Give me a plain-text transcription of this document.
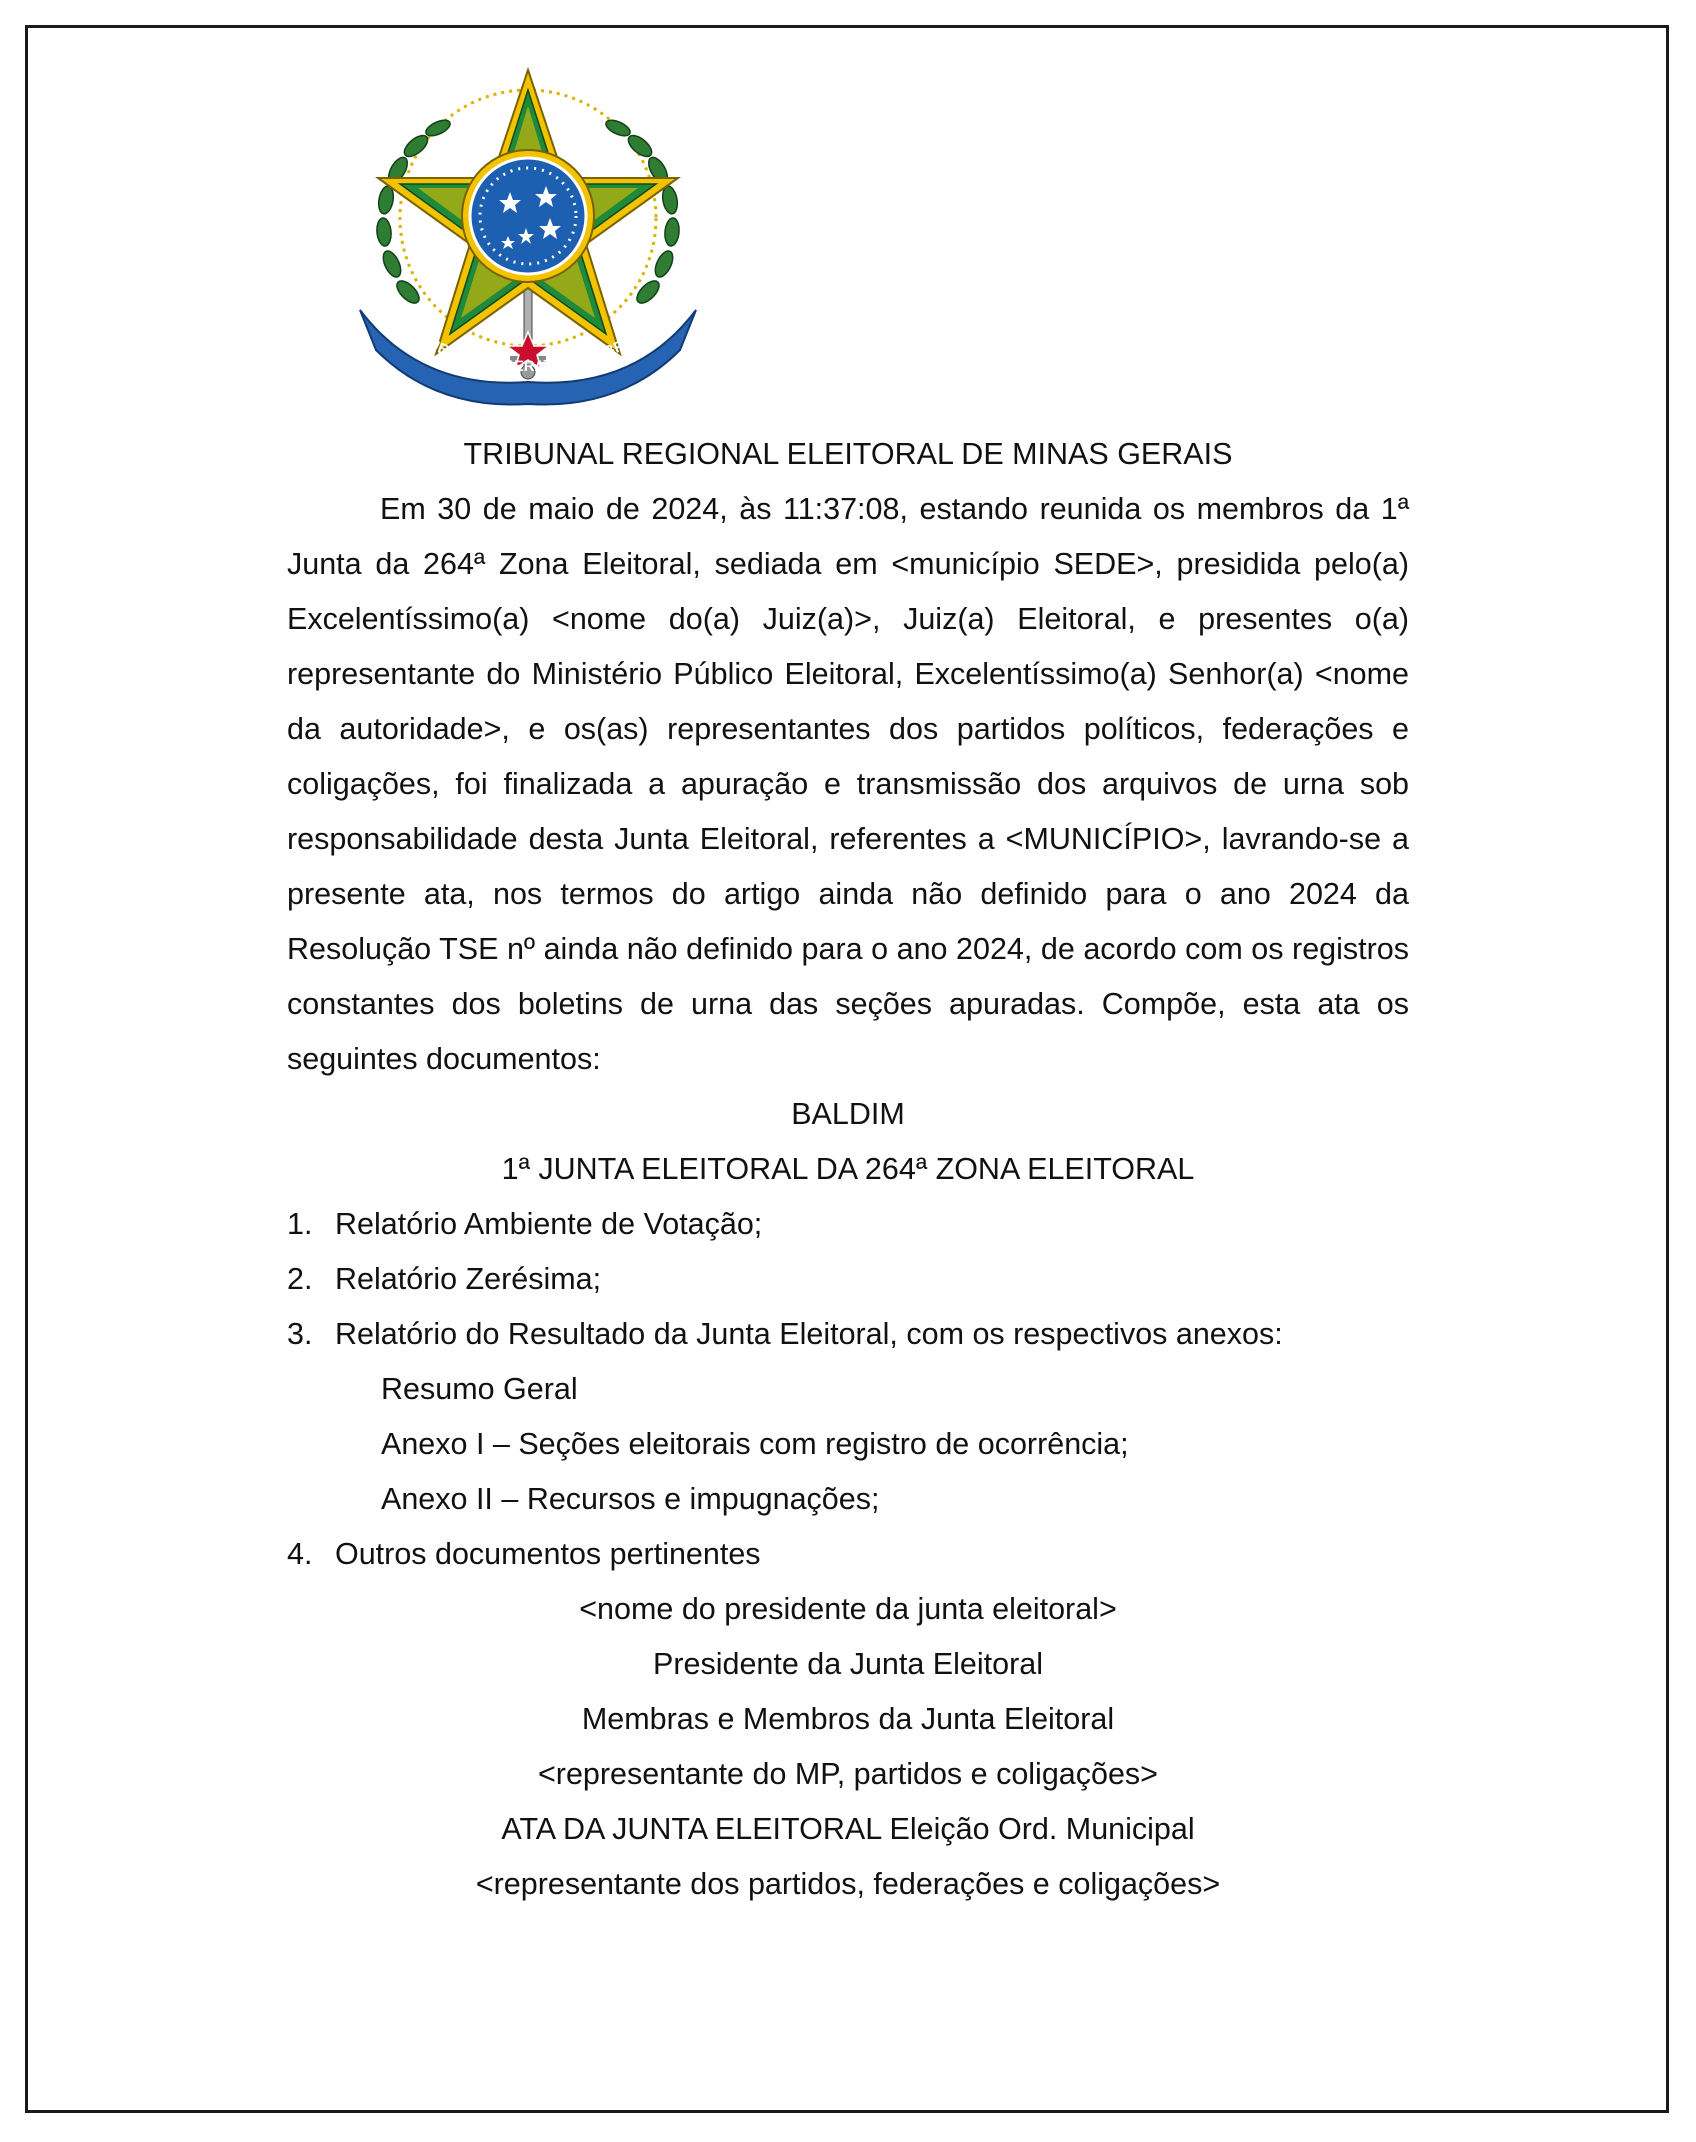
REPÚBLICA FEDERATIVA DO BRASIL
TRIBUNAL REGIONAL ELEITORAL DE MINAS GERAIS

Em 30 de maio de 2024, às 11:37:08, estando reunida os membros da 1ª Junta da 264ª Zona Eleitoral, sediada em <município SEDE>, presidida pelo(a) Excelentíssimo(a) <nome do(a) Juiz(a)>, Juiz(a) Eleitoral, e presentes o(a) representante do Ministério Público Eleitoral, Excelentíssimo(a) Senhor(a) <nome da autoridade>, e os(as) representantes dos partidos políticos, federações e coligações, foi finalizada a apuração e transmissão dos arquivos de urna sob responsabilidade desta Junta Eleitoral, referentes a <MUNICÍPIO>, lavrando-se a presente ata, nos termos do artigo ainda não definido para o ano 2024 da Resolução TSE nº ainda não definido para o ano 2024, de acordo com os registros constantes dos boletins de urna das seções apuradas. Compõe, esta ata os seguintes documentos:

BALDIM
1ª JUNTA ELEITORAL DA 264ª ZONA ELEITORAL
1. Relatório Ambiente de Votação;
2. Relatório Zerésima;
3. Relatório do Resultado da Junta Eleitoral, com os respectivos anexos:
Resumo Geral
Anexo I – Seções eleitorais com registro de ocorrência;
Anexo II – Recursos e impugnações;
4. Outros documentos pertinentes
<nome do presidente da junta eleitoral>
Presidente da Junta Eleitoral
Membras e Membros da Junta Eleitoral
<representante do MP, partidos e coligações>
ATA DA JUNTA ELEITORAL Eleição Ord. Municipal
<representante dos partidos, federações e coligações>
